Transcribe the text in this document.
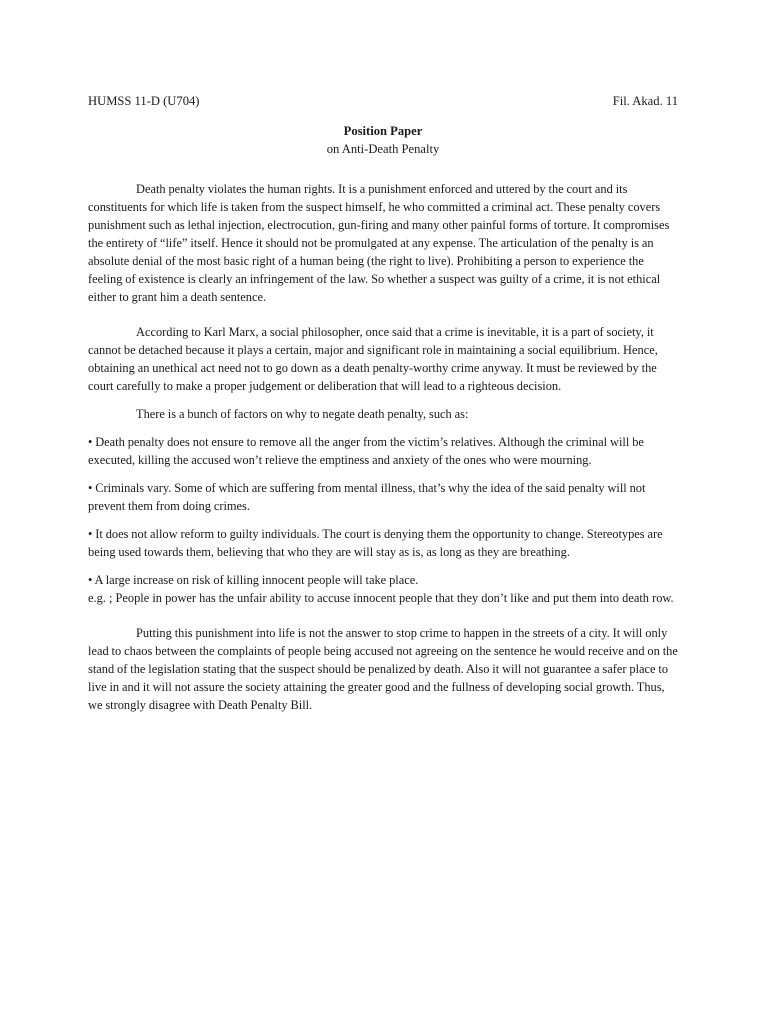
HUMSS 11-D (U704)	Fil. Akad. 11
Position Paper
on Anti-Death Penalty

Death penalty violates the human rights. It is a punishment enforced and uttered by the court and its constituents for which life is taken from the suspect himself, he who committed a criminal act. These penalty covers punishment such as lethal injection, electrocution, gun-firing and many other painful forms of torture. It compromises the entirety of “life” itself. Hence it should not be promulgated at any expense. The articulation of the penalty is an absolute denial of the most basic right of a human being (the right to live). Prohibiting a person to experience the feeling of existence is clearly an infringement of the law. So whether a suspect was guilty of a crime, it is not ethical either to grant him a death sentence.

According to Karl Marx, a social philosopher, once said that a crime is inevitable, it is a part of society, it cannot be detached because it plays a certain, major and significant role in maintaining a social equilibrium. Hence, obtaining an unethical act need not to go down as a death penalty-worthy crime anyway. It must be reviewed by the court carefully to make a proper judgement or deliberation that will lead to a righteous decision.

There is a bunch of factors on why to negate death penalty, such as:

• Death penalty does not ensure to remove all the anger from the victim’s relatives. Although the criminal will be executed, killing the accused won’t relieve the emptiness and anxiety of the ones who were mourning.

• Criminals vary. Some of which are suffering from mental illness, that’s why the idea of the said penalty will not prevent them from doing crimes.

• It does not allow reform to guilty individuals. The court is denying them the opportunity to change. Stereotypes are being used towards them, believing that who they are will stay as is, as long as they are breathing.

• A large increase on risk of killing innocent people will take place.

e.g. ; People in power has the unfair ability to accuse innocent people that they don’t like and put them into death row.

Putting this punishment into life is not the answer to stop crime to happen in the streets of a city. It will only lead to chaos between the complaints of people being accused not agreeing on the sentence he would receive and on the stand of the legislation stating that the suspect should be penalized by death. Also it will not guarantee a safer place to live in and it will not assure the society attaining the greater good and the fullness of developing social growth. Thus, we strongly disagree with Death Penalty Bill.
